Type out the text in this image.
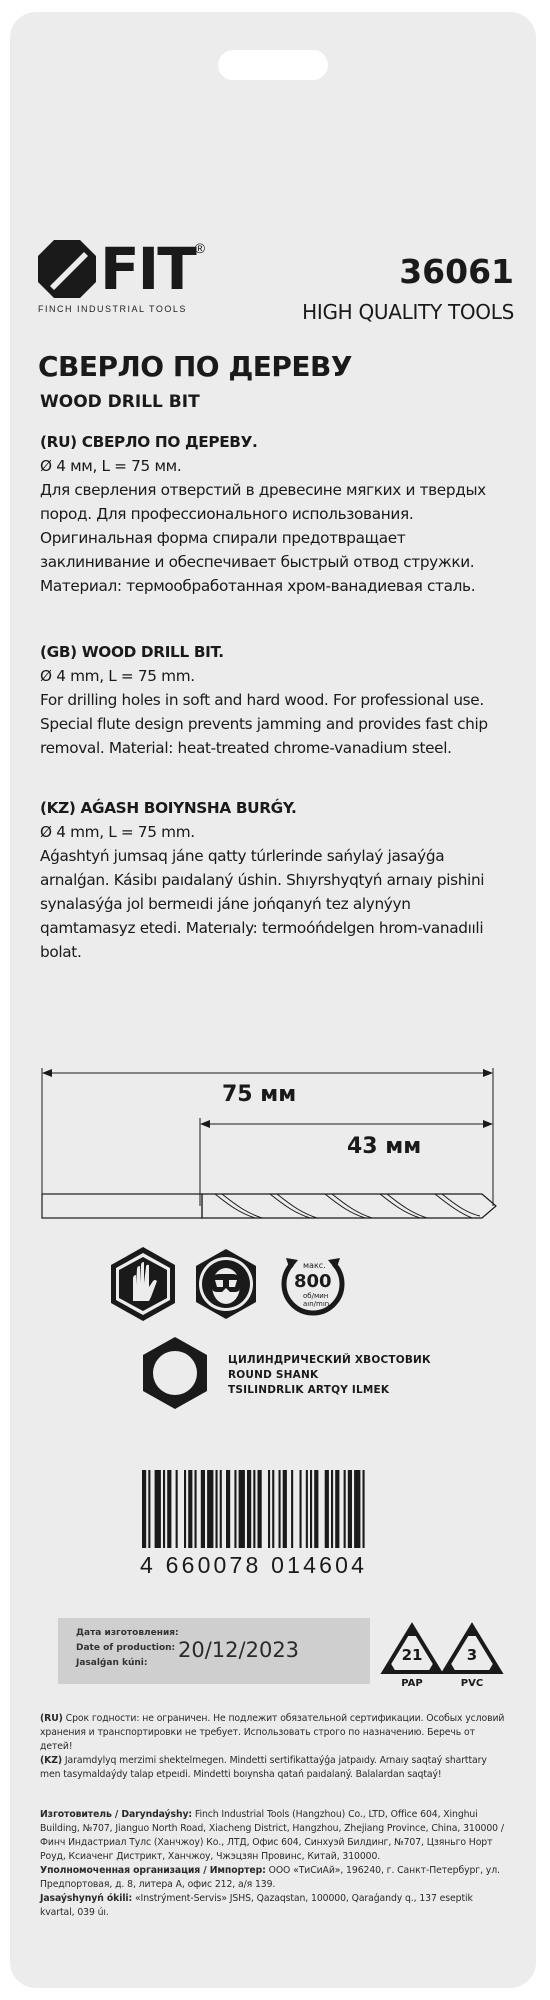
FIT ®
FINCH INDUSTRIAL TOOLS
36061
HIGH QUALITY TOOLS
СВЕРЛО ПО ДЕРЕВУ
WOOD DRILL BIT

(RU) СВЕРЛО ПО ДЕРЕВУ.

Ø 4 мм, L = 75 мм.

Для сверления отверстий в древесине мягких и твердых пород. Для профессионального использования. Оригинальная форма спирали предотвращает заклинивание и обеспечивает быстрый отвод стружки. Материал: термообработанная хром-ванадиевая сталь.

(GB) WOOD DRILL BIT.

Ø 4 mm, L = 75 mm.

For drilling holes in soft and hard wood. For professional use. Special flute design prevents jamming and provides fast chip removal. Material: heat-treated chrome-vanadium steel.

(KZ) AǴASH BOIYNSHA BURǴY.

Ø 4 mm, L = 75 mm.

Aǵashtyń jumsaq jáne qatty túrlerinde sańylaý jasaýǵa arnalǵan. Kásibı paıdalaný úshin. Shıyrshyqtyń arnaıy pishini synalasýǵa jol bermeıdi jáne jońqanyń tez alynýyn qamtamasyz etedi. Materıaly: termoóńdelgen hrom-vanadııli bolat.

75 мм
43 мм
макс.
800
об/мин
aın/mın
ЦИЛИНДРИЧЕСКИЙ ХВОСТОВИК
ROUND SHANK
TSILINDRLIK ARTQY ILMEK
4 660078 014604
Дата изготовления:
Date of production:
Jasalǵan kúni:
20/12/2023	21
PAP
3
PVC

(RU) Срок годности: не ограничен. Не подлежит обязательной сертификации. Особых условий хранения и транспортировки не требует. Использовать строго по назначению. Беречь от детей!

(KZ) Jaramdylyq merzimi shektelmegen. Mindetti sertifikattaýǵa jatpaıdy. Arnaıy saqtaý sharttary men tasymaldaýdy talap etpeıdi. Mindetti boıynsha qatań paıdalaný. Balalardan saqtaý!

Изготовитель / Daryndaýshy: Finch Industrial Tools (Hangzhou) Co., LTD, Office 604, Xinghui Building, №707, Jianguo North Road, Xiacheng District, Hangzhou, Zhejiang Province, China, 310000 / Финч Индастриал Тулс (Ханчжоу) Ко., ЛТД, Офис 604, Синхуэй Билдинг, №707, Цзяньго Норт Роуд, Ксиаченг Дистрикт, Ханчжоу, Чжэцзян Провинс, Китай, 310000.

Уполномоченная организация / Импортер: ООО «ТиСиАй», 196240, г. Санкт-Петербург, ул. Предпортовая, д. 8, литера А, офис 212, а/я 139.

Jasaýshynyń ókili: «Instrýment-Servis» JSHS, Qazaqstan, 100000, Qaraǵandy q., 137 eseptik kvartal, 039 úı.
